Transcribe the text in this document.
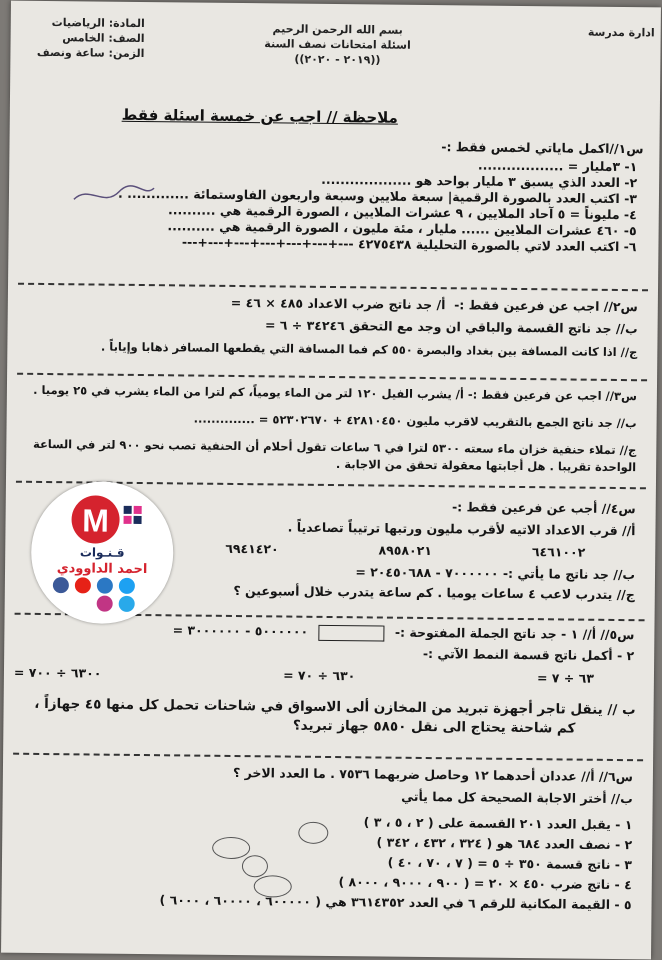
ادارة مدرسة
بسم الله الرحمن الرحيم
اسئلة امتحانات نصف السنة
((٢٠١٩ - ٢٠٢٠))
المادة: الرياضيات
الصف: الخامس
الزمن: ساعة ونصف
ملاحظة // اجب عن خمسة اسئلة فقط
س١//اكمل ماياتي لخمس فقط :-
١- ٣مليار = ..................
٢- العدد الذي يسبق ٣ مليار بواحد هو ...................
٣- اكتب العدد بالصورة الرقمية| سبعة ملايين وسبعة واربعون الفاوستمائة ............. .
٤- مليوناً = ٥ آحاد الملايين ، ٩ عشرات الملايين ، الصورة الرقمية هي ..........
٥- ٤٦٠ عشرات الملايين ...... مليار ، مئة مليون ، الصورة الرقمية هي ..........
٦- اكتب العدد لاتي بالصورة التحليلية ٤٢٧٥٤٣٨ ---+---+---+---+---+---+---
س٢// اجب عن فرعين فقط :-  أ/ جد ناتج ضرب الاعداد ٤٨٥ × ٤٦ =
ب// جد ناتج القسمة والباقي ان وجد مع التحقق ٣٤٢٤٦ ÷ ٦ =
ج// اذا كانت المسافة بين بغداد والبصرة ٥٥٠ كم فما المسافة التي يقطعها المسافر ذهابا وإياباً .
س٣// اجب عن فرعين فقط :- أ/ يشرب الفيل ١٢٠ لتر من الماء يومياً، كم لترا من الماء يشرب في ٢٥ يوميا .
ب// جد ناتج الجمع بالتقريب لاقرب مليون ٤٢٨١٠٤٥٠ + ٥٢٣٠٢٦٧٠ = ..............
ج// تملاء حنفية خزان ماء سعته ٥٣٠٠ لترا في ٦ ساعات تقول أحلام أن الحنفية تصب نحو ٩٠٠ لتر في الساعة
الواحدة تقريبا . هل أجابتها معقولة تحقق من الاجابة .
س٤// أجب عن فرعين فقط :-
أ// قرب الاعداد الاتيه لأقرب مليون ورتبها ترتيباً تصاعدياً .
٦٤٦١٠٠٢
٨٩٥٨٠٢١
٦٩٤١٤٢٠
ب// جد ناتج ما يأتي :- ٧٠٠٠٠٠٠ - ٢٠٤٥٠٦٨٨ =
ج// يتدرب لاعب ٤ ساعات يوميا . كم ساعة يتدرب خلال أسبوعين ؟
س٥// أ// ١ - جد ناتج الجملة المفتوحة :-  ٥٠٠٠٠٠٠ - ٣٠٠٠٠٠٠ =
٢ - أكمل ناتج قسمة النمط الآتي :-
٦٣ ÷ ٧ =
٦٣٠ ÷ ٧٠ =
٦٣٠٠ ÷ ٧٠٠ =
ب // ينقل تاجر أجهزة تبريد من المخازن ألى الاسواق في شاحنات تحمل كل منها ٤٥ جهازاً ،
كم شاحنة يحتاج الى نقل ٥٨٥٠ جهاز تبريد؟
س٦// أ// عددان أحدهما ١٢ وحاصل ضربهما ٧٥٣٦ . ما العدد الاخر ؟
ب// أختر الاجابة الصحيحة كل مما يأتي
١ - يقبل العدد ٢٠١ القسمة على ( ٢ ، ٥ ، ٣ )
٢ - نصف العدد ٦٨٤ هو ( ٣٢٤ ، ٤٣٢ ، ٣٤٢ )
٣ - ناتج قسمة ٣٥٠ ÷ ٥ = ( ٧ ، ٧٠ ، ٤٠ )
٤ - ناتج ضرب ٤٥٠ × ٢٠ = ( ٩٠٠ ، ٩٠٠٠ ، ٨٠٠٠ )
٥ - القيمة المكانية للرقم ٦ في العدد ٣٦١٤٣٥٢ هي ( ٦٠٠٠٠٠ ، ٦٠٠٠٠ ، ٦٠٠٠ )
M
قـنـوات
احمد الداوودي
